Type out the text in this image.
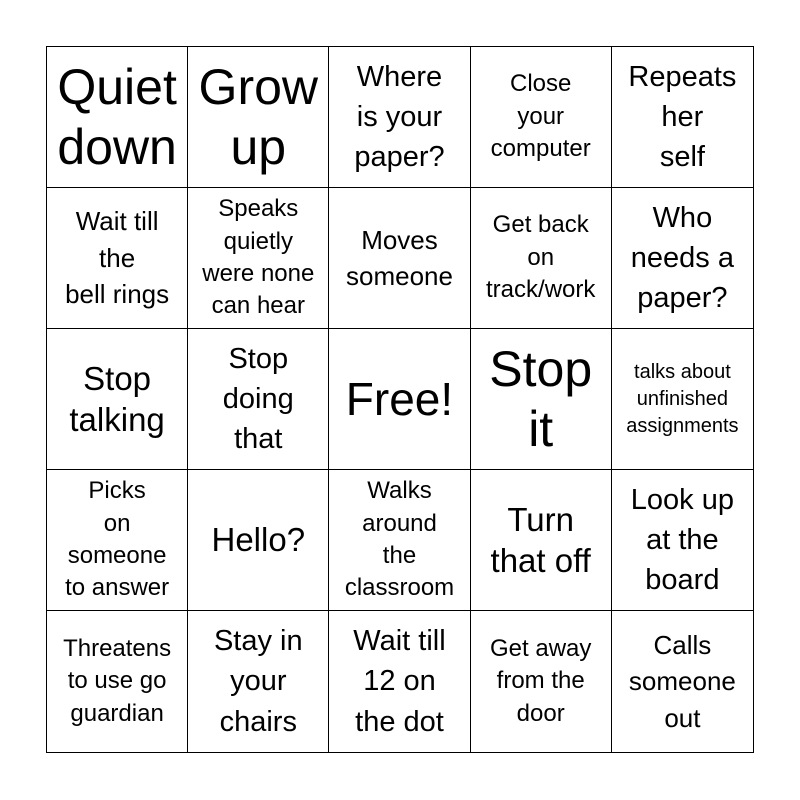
Quiet
down
Grow
up
Where
is your
paper?
Close
your
computer
Repeats
her
self
Wait till
the
bell rings
Speaks
quietly
were none
can hear
Moves
someone
Get back
on
track/work
Who
needs a
paper?
Stop
talking
Stop
doing
that
Free!
Stop
it
talks about
unfinished
assignments
Picks
on
someone
to answer
Hello?
Walks
around
the
classroom
Turn
that off
Look up
at the
board
Threatens
to use go
guardian
Stay in
your
chairs
Wait till
12 on
the dot
Get away
from the
door
Calls
someone
out
